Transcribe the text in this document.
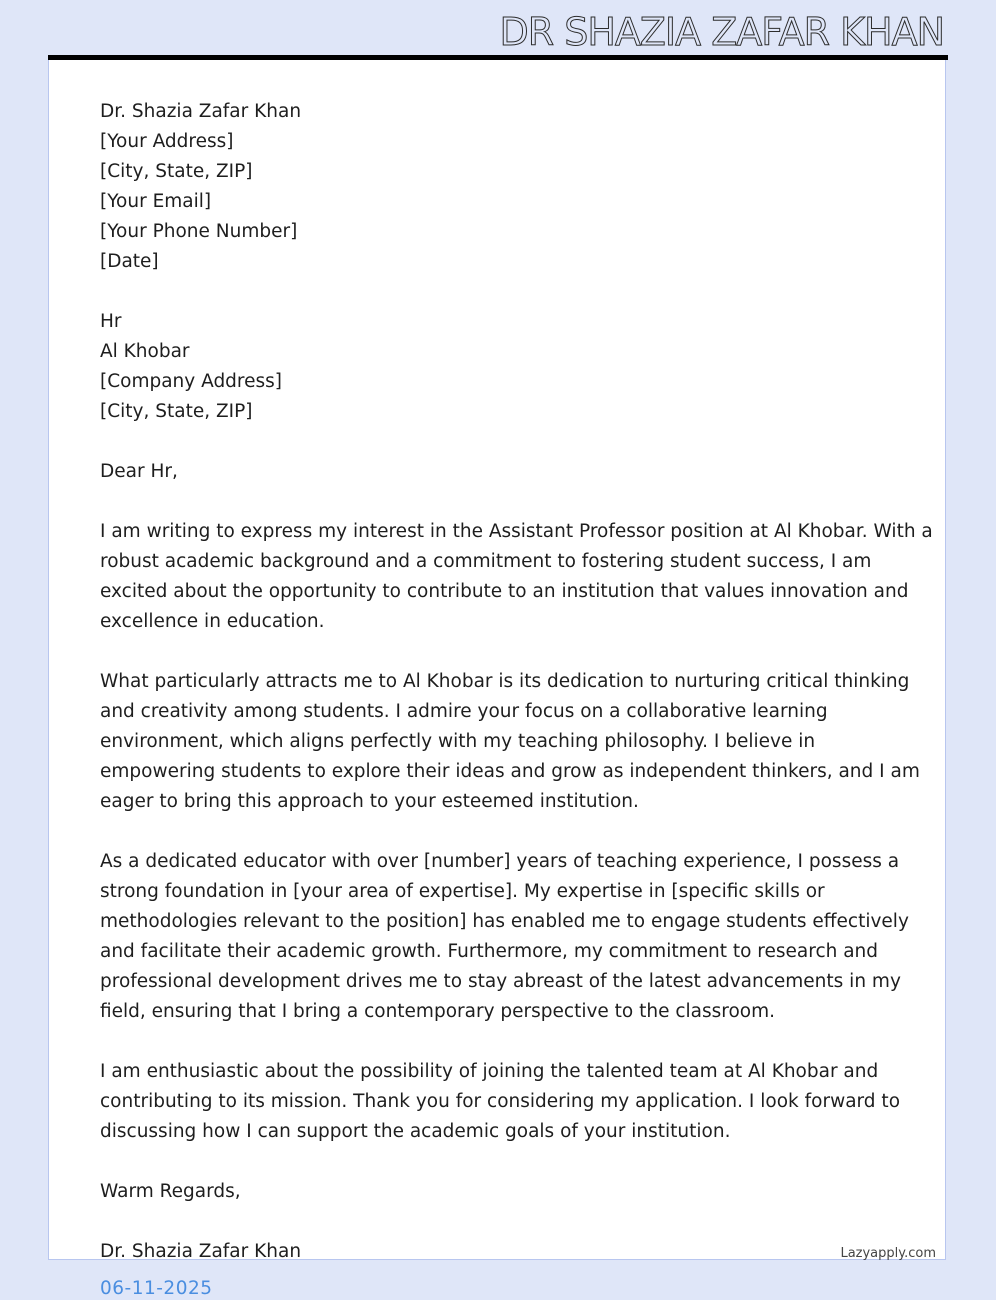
DR SHAZIA ZAFAR KHAN
Dr. Shazia Zafar Khan
[Your Address]
[City, State, ZIP]
[Your Email]
[Your Phone Number]
[Date]
Hr
Al Khobar
[Company Address]
[City, State, ZIP]
Dear Hr,
I am writing to express my interest in the Assistant Professor position at Al Khobar. With a
robust academic background and a commitment to fostering student success, I am
excited about the opportunity to contribute to an institution that values innovation and
excellence in education.
What particularly attracts me to Al Khobar is its dedication to nurturing critical thinking
and creativity among students. I admire your focus on a collaborative learning
environment, which aligns perfectly with my teaching philosophy. I believe in
empowering students to explore their ideas and grow as independent thinkers, and I am
eager to bring this approach to your esteemed institution.
As a dedicated educator with over [number] years of teaching experience, I possess a
strong foundation in [your area of expertise]. My expertise in [specific skills or
methodologies relevant to the position] has enabled me to engage students effectively
and facilitate their academic growth. Furthermore, my commitment to research and
professional development drives me to stay abreast of the latest advancements in my
field, ensuring that I bring a contemporary perspective to the classroom.
I am enthusiastic about the possibility of joining the talented team at Al Khobar and
contributing to its mission. Thank you for considering my application. I look forward to
discussing how I can support the academic goals of your institution.
Warm Regards,
Dr. Shazia Zafar Khan	Lazyapply.com
06-11-2025
